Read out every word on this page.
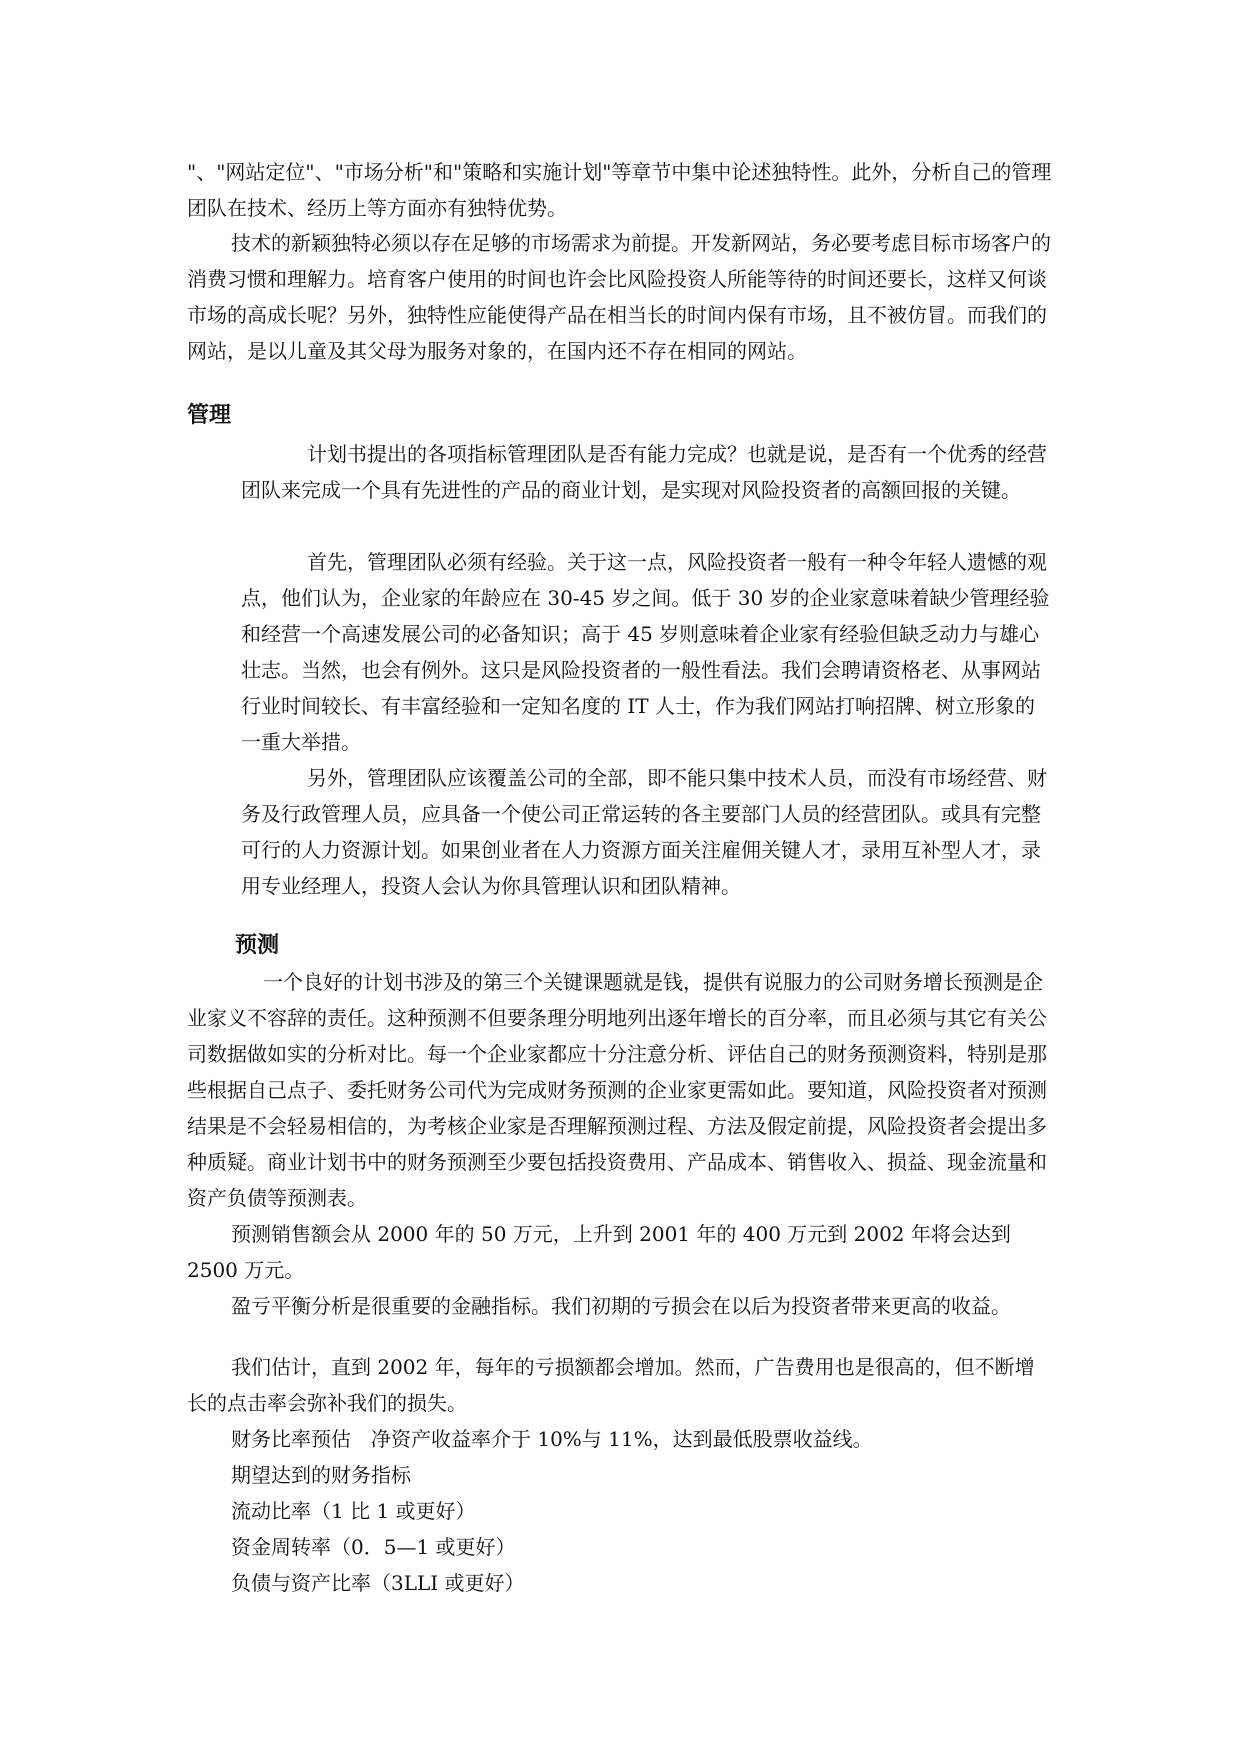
"、"网站定位"、"市场分析"和"策略和实施计划"等章节中集中论述独特性。此外，分析自己的管理团队在技术、经历上等方面亦有独特优势。

技术的新颖独特必须以存在足够的市场需求为前提。开发新网站，务必要考虑目标市场客户的消费习惯和理解力。培育客户使用的时间也许会比风险投资人所能等待的时间还要长，这样又何谈市场的高成长呢？另外，独特性应能使得产品在相当长的时间内保有市场，且不被仿冒。而我们的网站，是以儿童及其父母为服务对象的，在国内还不存在相同的网站。

管理

计划书提出的各项指标管理团队是否有能力完成？也就是说，是否有一个优秀的经营团队来完成一个具有先进性的产品的商业计划，是实现对风险投资者的高额回报的关键。

首先，管理团队必须有经验。关于这一点，风险投资者一般有一种令年轻人遗憾的观点，他们认为，企业家的年龄应在 30-45 岁之间。低于 30 岁的企业家意味着缺少管理经验和经营一个高速发展公司的必备知识；高于 45 岁则意味着企业家有经验但缺乏动力与雄心壮志。当然，也会有例外。这只是风险投资者的一般性看法。我们会聘请资格老、从事网站行业时间较长、有丰富经验和一定知名度的 IT 人士，作为我们网站打响招牌、树立形象的一重大举措。

另外，管理团队应该覆盖公司的全部，即不能只集中技术人员，而没有市场经营、财务及行政管理人员，应具备一个使公司正常运转的各主要部门人员的经营团队。或具有完整可行的人力资源计划。如果创业者在人力资源方面关注雇佣关键人才，录用互补型人才，录用专业经理人，投资人会认为你具管理认识和团队精神。

预测

一个良好的计划书涉及的第三个关键课题就是钱，提供有说服力的公司财务增长预测是企业家义不容辞的责任。这种预测不但要条理分明地列出逐年增长的百分率，而且必须与其它有关公司数据做如实的分析对比。每一个企业家都应十分注意分析、评估自己的财务预测资料，特别是那些根据自己点子、委托财务公司代为完成财务预测的企业家更需如此。要知道，风险投资者对预测结果是不会轻易相信的，为考核企业家是否理解预测过程、方法及假定前提，风险投资者会提出多种质疑。商业计划书中的财务预测至少要包括投资费用、产品成本、销售收入、损益、现金流量和资产负债等预测表。

预测销售额会从 2000 年的 50 万元，上升到 2001 年的 400 万元到 2002 年将会达到 2500 万元。

盈亏平衡分析是很重要的金融指标。我们初期的亏损会在以后为投资者带来更高的收益。

我们估计，直到 2002 年，每年的亏损额都会增加。然而，广告费用也是很高的，但不断增长的点击率会弥补我们的损失。

财务比率预估　净资产收益率介于 10%与 11%，达到最低股票收益线。

期望达到的财务指标

流动比率（1 比 1 或更好）

资金周转率（0．5—1 或更好）

负债与资产比率（3LLI 或更好）
